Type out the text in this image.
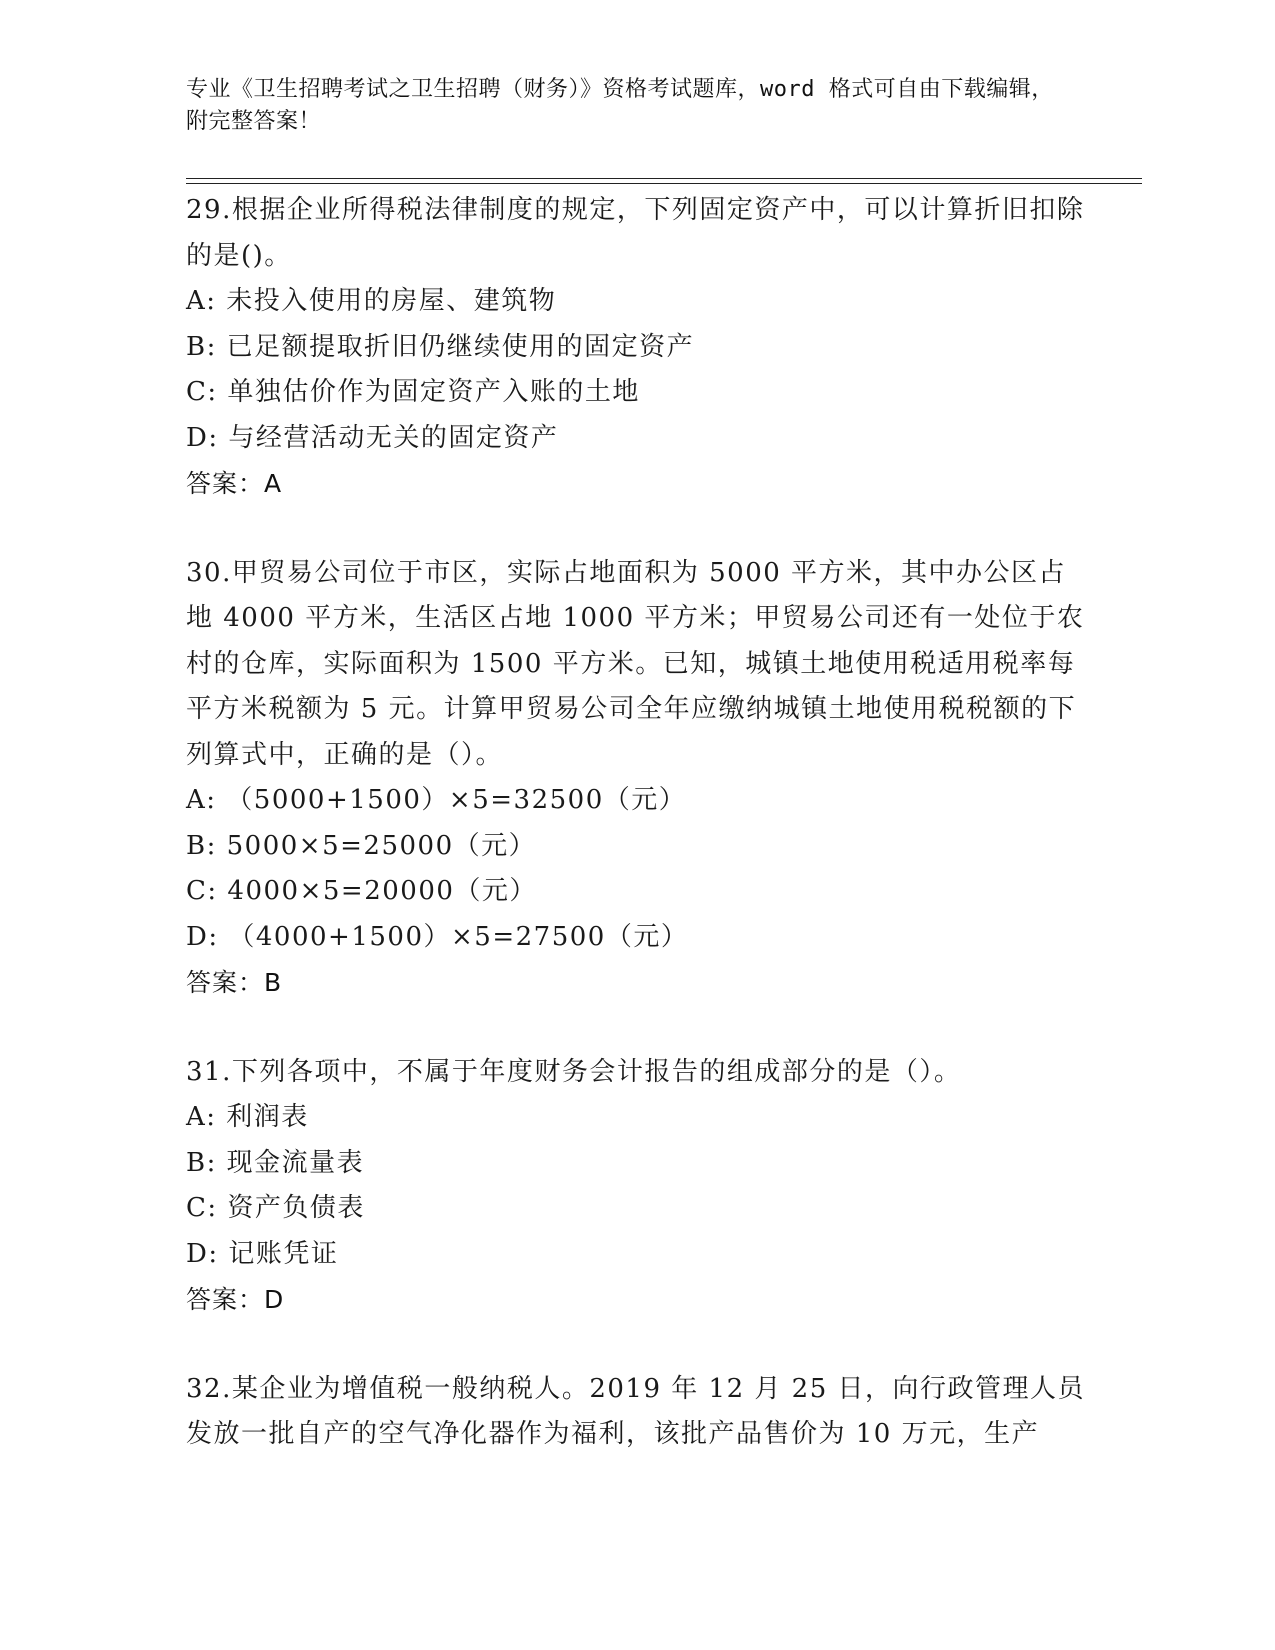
专业《卫生招聘考试之卫生招聘（财务）》资格考试题库，word 格式可自由下载编辑，附完整答案！

29.根据企业所得税法律制度的规定，下列固定资产中，可以计算折旧扣除的是()。

A: 未投入使用的房屋、建筑物

B: 已足额提取折旧仍继续使用的固定资产

C: 单独估价作为固定资产入账的土地

D: 与经营活动无关的固定资产

答案：A

30.甲贸易公司位于市区，实际占地面积为 5000 平方米，其中办公区占地 4000 平方米，生活区占地 1000 平方米；甲贸易公司还有一处位于农村的仓库，实际面积为 1500 平方米。已知，城镇土地使用税适用税率每平方米税额为 5 元。计算甲贸易公司全年应缴纳城镇土地使用税税额的下列算式中，正确的是（）。

A: （5000+1500）×5=32500（元）

B: 5000×5=25000（元）

C: 4000×5=20000（元）

D: （4000+1500）×5=27500（元）

答案：B

31.下列各项中，不属于年度财务会计报告的组成部分的是（）。

A: 利润表

B: 现金流量表

C: 资产负债表

D: 记账凭证

答案：D

32.某企业为增值税一般纳税人。2019 年 12 月 25 日，向行政管理人员发放一批自产的空气净化器作为福利，该批产品售价为 10 万元，生产
